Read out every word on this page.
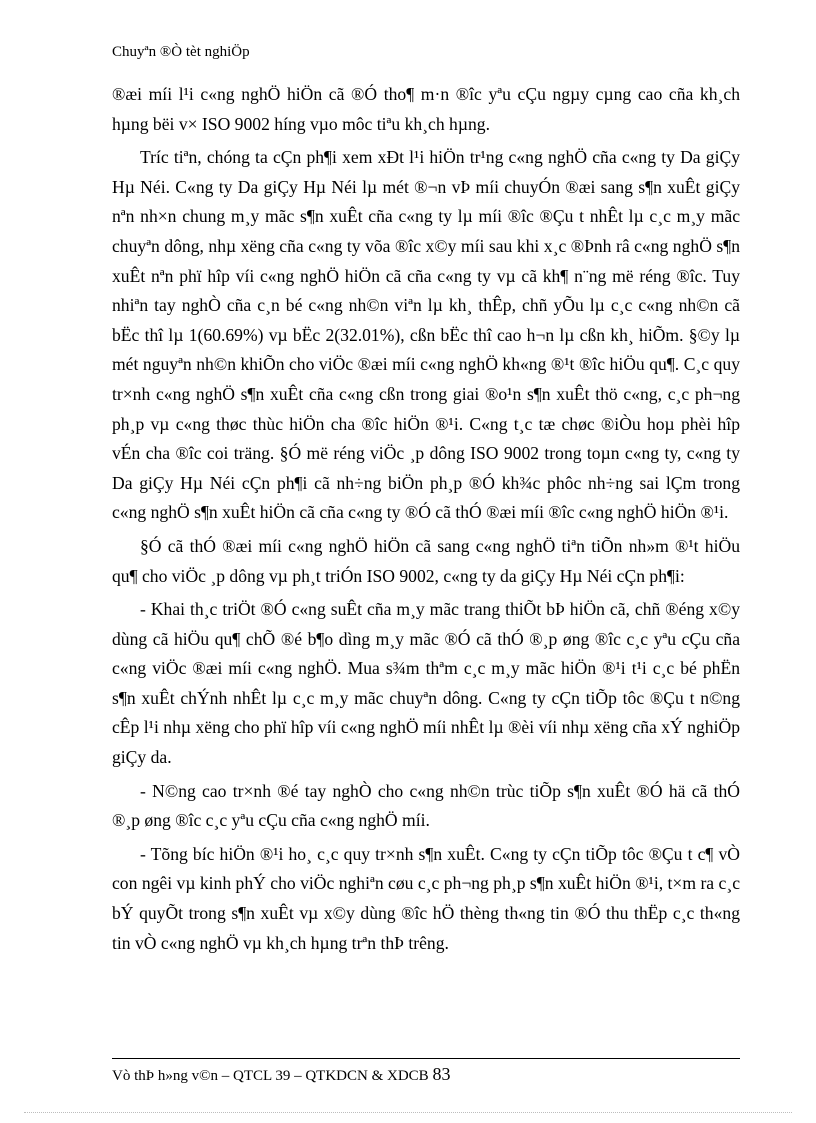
Chuyªn ®Ò tèt nghiÖp

®æi míi l¹i c«ng nghÖ hiÖn cã ®Ó tho¶ m·n ®îc yªu cÇu ngµy cµng cao cña kh¸ch hµng bëi v× ISO 9002 híng vµo môc tiªu kh¸ch hµng.

Tríc tiªn, chóng ta cÇn ph¶i xem xÐt l¹i hiÖn tr¹ng c«ng nghÖ cña c«ng ty Da giÇy Hµ Néi. C«ng ty Da giÇy Hµ Néi lµ mét ®¬n vÞ míi chuyÓn ®æi sang s¶n xuÊt giÇy nªn nh×n chung m¸y mãc s¶n xuÊt cña c«ng ty lµ míi ®îc ®Çu t nhÊt lµ c¸c m¸y mãc chuyªn dông, nhµ xëng cña c«ng ty võa ®îc x©y míi sau khi x¸c ®Þnh râ c«ng nghÖ s¶n xuÊt nªn phï hîp víi c«ng nghÖ hiÖn cã cña c«ng ty vµ cã kh¶ n¨ng më réng ®îc. Tuy nhiªn tay nghÒ cña c¸n bé c«ng nh©n viªn lµ kh¸ thÊp, chñ yÕu lµ c¸c c«ng nh©n cã bËc thî lµ 1(60.69%) vµ bËc 2(32.01%), cßn bËc thî cao h¬n lµ cßn kh¸ hiÕm. §©y lµ mét nguyªn nh©n khiÕn cho viÖc ®æi míi c«ng nghÖ kh«ng ®¹t ®îc hiÖu qu¶. C¸c quy tr×nh c«ng nghÖ s¶n xuÊt cña c«ng cßn trong giai ®o¹n s¶n xuÊt thö c«ng, c¸c ph¬ng ph¸p vµ c«ng thøc thùc hiÖn cha ®îc hiÖn ®¹i. C«ng t¸c tæ chøc ®iÒu hoµ phèi hîp vÉn cha ®îc coi träng. §Ó më réng viÖc ¸p dông ISO 9002 trong toµn c«ng ty, c«ng ty Da giÇy Hµ Néi cÇn ph¶i cã nh÷ng biÖn ph¸p ®Ó kh¾c phôc nh÷ng sai lÇm trong c«ng nghÖ s¶n xuÊt hiÖn cã cña c«ng ty ®Ó cã thÓ ®æi míi ®îc c«ng nghÖ hiÖn ®¹i.

§Ó cã thÓ ®æi míi c«ng nghÖ hiÖn cã sang c«ng nghÖ tiªn tiÕn nh»m ®¹t hiÖu qu¶ cho viÖc ¸p dông vµ ph¸t triÓn ISO 9002, c«ng ty da giÇy Hµ Néi cÇn ph¶i:

- Khai th¸c triÖt ®Ó c«ng suÊt cña m¸y mãc trang thiÕt bÞ hiÖn cã, chñ ®éng x©y dùng cã hiÖu qu¶ chÕ ®é b¶o dìng m¸y mãc ®Ó cã thÓ ®¸p øng ®îc c¸c yªu cÇu cña c«ng viÖc ®æi míi c«ng nghÖ. Mua s¾m thªm c¸c m¸y mãc hiÖn ®¹i t¹i c¸c bé phËn s¶n xuÊt chÝnh nhÊt lµ c¸c m¸y mãc chuyªn dông. C«ng ty cÇn tiÕp tôc ®Çu t n©ng cÊp l¹i nhµ xëng cho phï hîp víi c«ng nghÖ míi nhÊt lµ ®èi víi nhµ xëng cña xÝ nghiÖp giÇy da.

- N©ng cao tr×nh ®é tay nghÒ cho c«ng nh©n trùc tiÕp s¶n xuÊt ®Ó hä cã thÓ ®¸p øng ®îc c¸c yªu cÇu cña c«ng nghÖ míi.

- Tõng bíc hiÖn ®¹i ho¸ c¸c quy tr×nh s¶n xuÊt. C«ng ty cÇn tiÕp tôc ®Çu t c¶ vÒ con ngêi vµ kinh phÝ cho viÖc nghiªn cøu c¸c ph¬ng ph¸p s¶n xuÊt hiÖn ®¹i, t×m ra c¸c bÝ quyÕt trong s¶n xuÊt vµ x©y dùng ®îc hÖ thèng th«ng tin ®Ó thu thËp c¸c th«ng tin vÒ c«ng nghÖ vµ kh¸ch hµng trªn thÞ trêng.

Vò thÞ h»ng v©n – QTCL 39 – QTKDCN & XDCB 83
